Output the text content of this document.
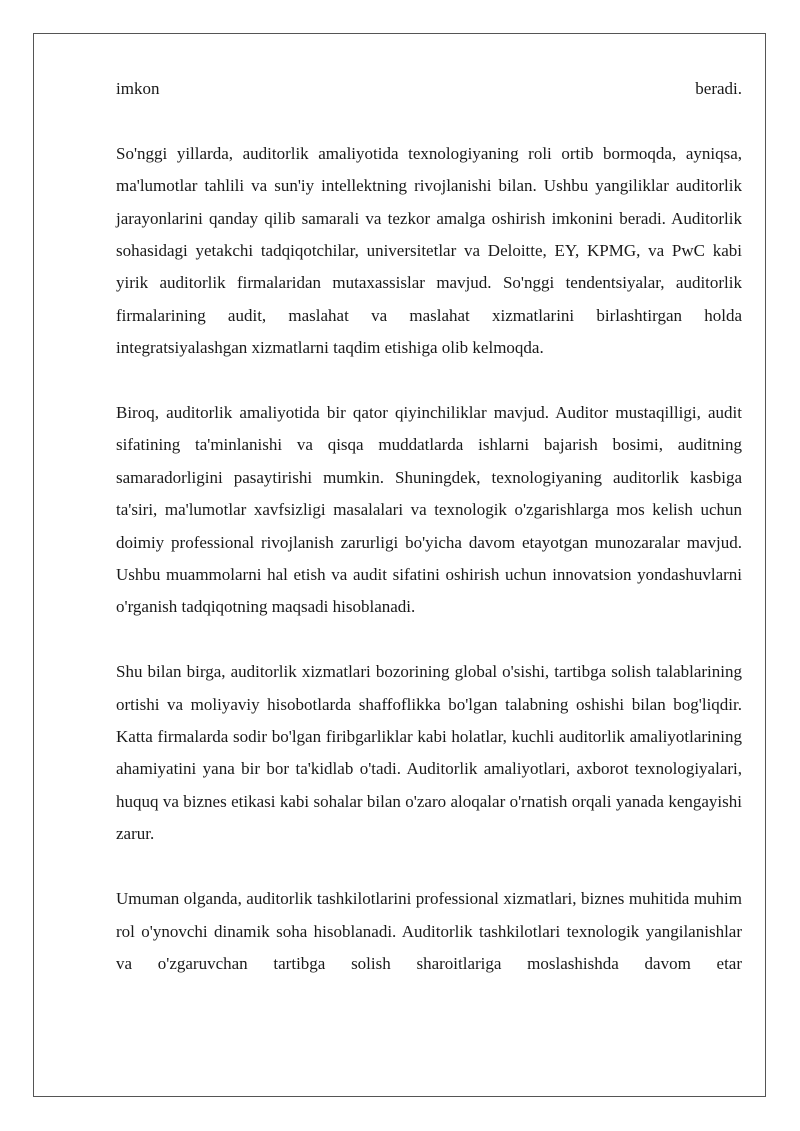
imkon beradi.

So'nggi yillarda, auditorlik amaliyotida texnologiyaning roli ortib bormoqda, ayniqsa, ma'lumotlar tahlili va sun'iy intellektning rivojlanishi bilan. Ushbu yangiliklar auditorlik jarayonlarini qanday qilib samarali va tezkor amalga oshirish imkonini beradi. Auditorlik sohasidagi yetakchi tadqiqotchilar, universitetlar va Deloitte, EY, KPMG, va PwC kabi yirik auditorlik firmalaridan mutaxassislar mavjud. So'nggi tendentsiyalar, auditorlik firmalarining audit, maslahat va maslahat xizmatlarini birlashtirgan holda integratsiyalashgan xizmatlarni taqdim etishiga olib kelmoqda.

Biroq, auditorlik amaliyotida bir qator qiyinchiliklar mavjud. Auditor mustaqilligi, audit sifatining ta'minlanishi va qisqa muddatlarda ishlarni bajarish bosimi, auditning samaradorligini pasaytirishi mumkin. Shuningdek, texnologiyaning auditorlik kasbiga ta'siri, ma'lumotlar xavfsizligi masalalari va texnologik o'zgarishlarga mos kelish uchun doimiy professional rivojlanish zarurligi bo'yicha davom etayotgan munozaralar mavjud. Ushbu muammolarni hal etish va audit sifatini oshirish uchun innovatsion yondashuvlarni o'rganish tadqiqotning maqsadi hisoblanadi.

Shu bilan birga, auditorlik xizmatlari bozorining global o'sishi, tartibga solish talablarining ortishi va moliyaviy hisobotlarda shaffoflikka bo'lgan talabning oshishi bilan bog'liqdir. Katta firmalarda sodir bo'lgan firibgarliklar kabi holatlar, kuchli auditorlik amaliyotlarining ahamiyatini yana bir bor ta'kidlab o'tadi. Auditorlik amaliyotlari, axborot texnologiyalari, huquq va biznes etikasi kabi sohalar bilan o'zaro aloqalar o'rnatish orqali yanada kengayishi zarur.

Umuman olganda, auditorlik tashkilotlarini professional xizmatlari, biznes muhitida muhim rol o'ynovchi dinamik soha hisoblanadi. Auditorlik tashkilotlari texnologik yangilanishlar va o'zgaruvchan tartibga solish sharoitlariga moslashishda davom etar
